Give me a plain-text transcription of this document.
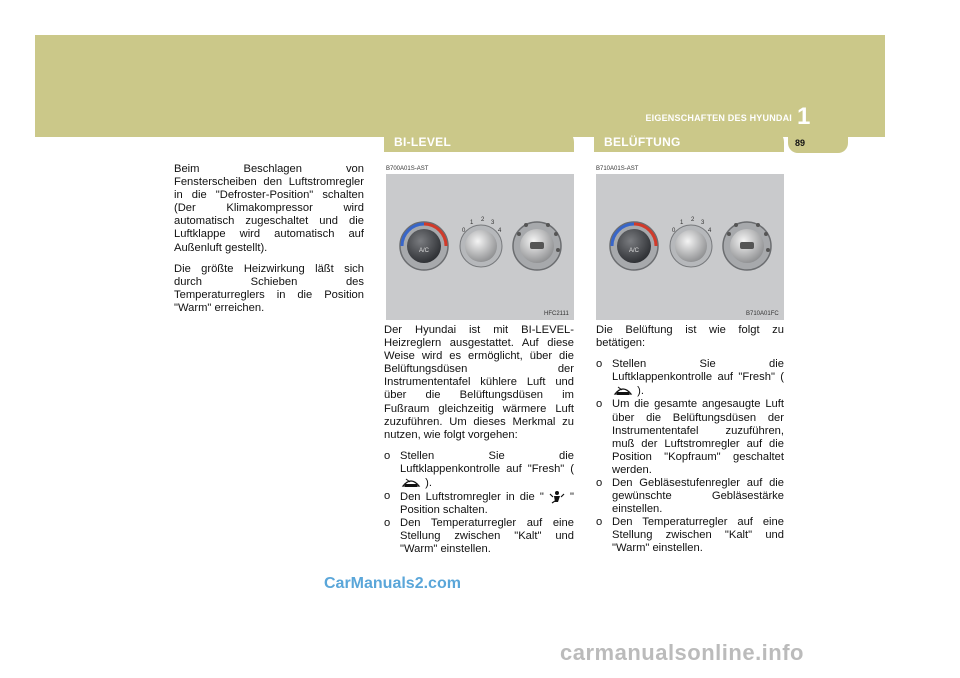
EIGENSCHAFTEN DES HYUNDAI 1
89

Beim Beschlagen von Fensterscheiben den Luftstromregler in die "Defroster-Position" schalten (Der Klimakompressor wird automatisch zugeschaltet und die Luftklappe wird automatisch auf Außenluft gestellt).

Die größte Heizwirkung läßt sich durch Schieben des Temperaturreglers in die Position "Warm" erreichen.

BI-LEVEL
B700A01S-AST
A/C
0
1 2 3
4
HFC2111

Der Hyundai ist mit BI-LEVEL-Heizreglern ausgestattet. Auf diese Weise wird es ermöglicht, über die Belüftungsdüsen der Instrumententafel kühlere Luft und über die Belüftungsdüsen im Fußraum gleichzeitig wärmere Luft zuzuführen. Um dieses Merkmal zu nutzen, wie folgt vorgehen:

o Stellen Sie die Luftklappenkontrolle auf "Fresh" (  ).
o Den Luftstromregler in die " " Position schalten.
o Den Temperaturregler auf eine Stellung zwischen "Kalt" und "Warm" einstellen.
BELÜFTUNG
B710A01S-AST
A/C
0
1 2 3
4
B710A01FC

Die Belüftung ist wie folgt zu betätigen:

o Stellen Sie die Luftklappenkontrolle auf "Fresh" (  ).
o Um die gesamte angesaugte Luft über die Belüftungsdüsen der Instrumententafel zuzuführen, muß der Luftstromregler auf die Position "Kopfraum" geschaltet werden.
o Den Gebläsestufenregler auf die gewünschte Gebläsestärke einstellen.
o Den Temperaturregler auf eine Stellung zwischen "Kalt" und "Warm" einstellen.
CarManuals2.com
carmanualsonline.info
